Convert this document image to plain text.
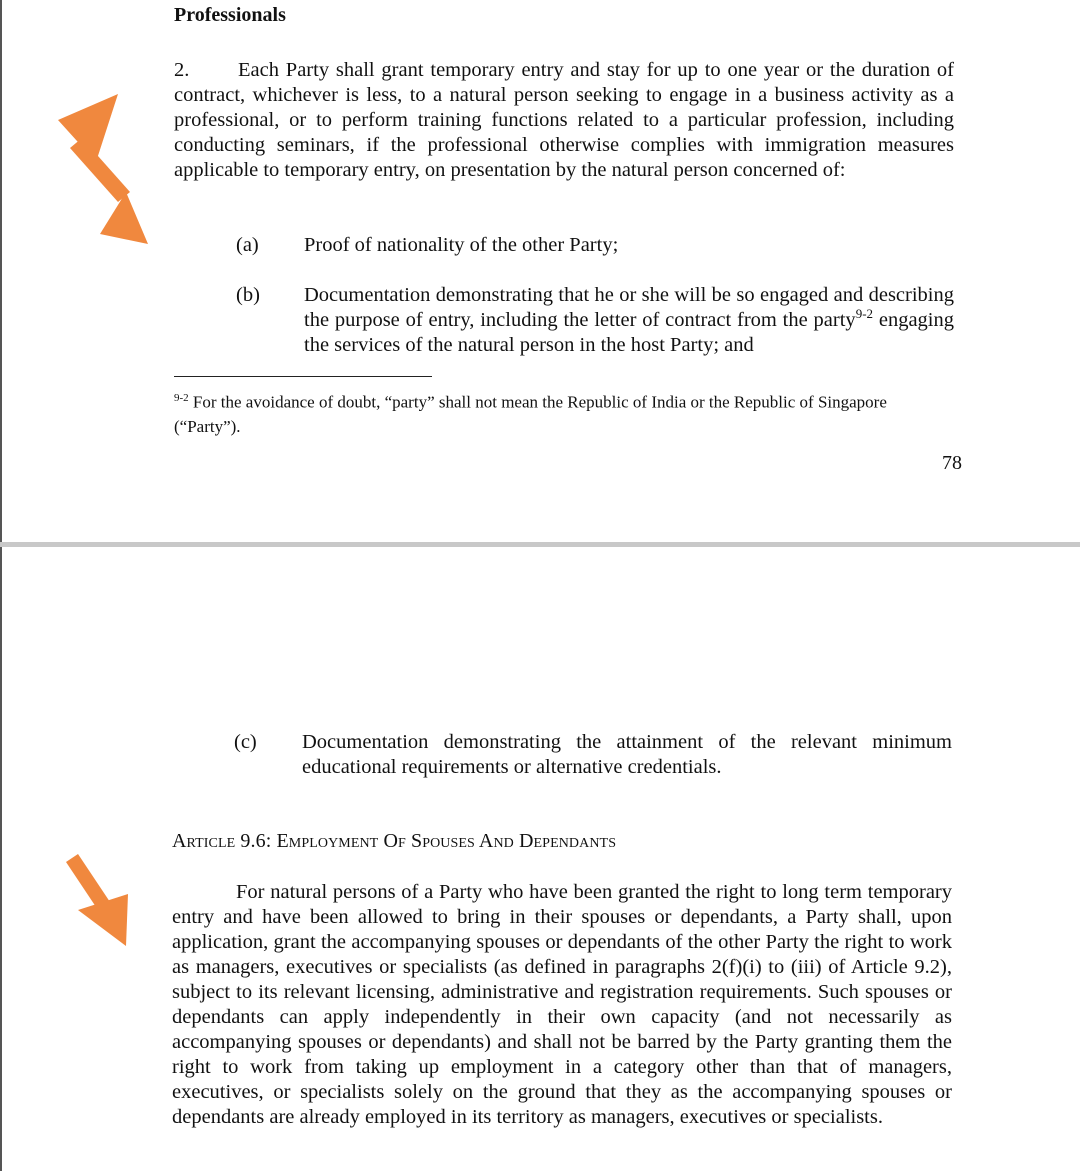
Professionals
2. Each Party shall grant temporary entry and stay for up to one year or the duration of contract, whichever is less, to a natural person seeking to engage in a business activity as a professional, or to perform training functions related to a particular profession, including conducting seminars, if the professional otherwise complies with immigration measures applicable to temporary entry, on presentation by the natural person concerned of:
(a)	Proof of nationality of the other Party;
(b)	Documentation demonstrating that he or she will be so engaged and describing the purpose of entry, including the letter of contract from the party$^{9-2}$ engaging the services of the natural person in the host Party; and
$^{9-2}$ For the avoidance of doubt, “party” shall not mean the Republic of India or the Republic of Singapore (“Party”).
78
(c)	Documentation demonstrating the attainment of the relevant minimum educational requirements or alternative credentials.
Article 9.6: Employment Of Spouses And Dependants
For natural persons of a Party who have been granted the right to long term temporary entry and have been allowed to bring in their spouses or dependants, a Party shall, upon application, grant the accompanying spouses or dependants of the other Party the right to work as managers, executives or specialists (as defined in paragraphs 2(f)(i) to (iii) of Article 9.2), subject to its relevant licensing, administrative and registration requirements. Such spouses or dependants can apply independently in their own capacity (and not necessarily as accompanying spouses or dependants) and shall not be barred by the Party granting them the right to work from taking up employment in a category other than that of managers, executives, or specialists solely on the ground that they as the accompanying spouses or dependants are already employed in its territory as managers, executives or specialists.
